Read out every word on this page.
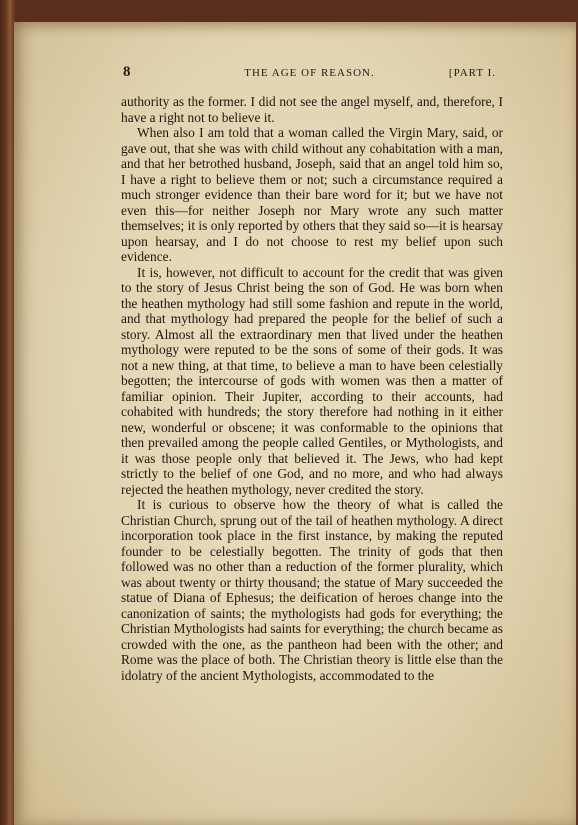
8	THE AGE OF REASON.	[PART I.

authority as the former. I did not see the angel myself, and, therefore, I have a right not to believe it.

When also I am told that a woman called the Virgin Mary, said, or gave out, that she was with child without any cohabitation with a man, and that her betrothed husband, Joseph, said that an angel told him so, I have a right to believe them or not; such a circumstance required a much stronger evidence than their bare word for it; but we have not even this—for neither Joseph nor Mary wrote any such matter themselves; it is only reported by others that they said so—it is hearsay upon hearsay, and I do not choose to rest my belief upon such evidence.

It is, however, not difficult to account for the credit that was given to the story of Jesus Christ being the son of God. He was born when the heathen mythology had still some fashion and repute in the world, and that mythology had prepared the people for the belief of such a story. Almost all the extraordinary men that lived under the heathen mythology were reputed to be the sons of some of their gods. It was not a new thing, at that time, to believe a man to have been celestially begotten; the intercourse of gods with women was then a matter of familiar opinion. Their Jupiter, according to their accounts, had cohabited with hundreds; the story therefore had nothing in it either new, wonderful or obscene; it was conformable to the opinions that then prevailed among the people called Gentiles, or Mythologists, and it was those people only that believed it. The Jews, who had kept strictly to the belief of one God, and no more, and who had always rejected the heathen mythology, never credited the story.

It is curious to observe how the theory of what is called the Christian Church, sprung out of the tail of heathen mythology. A direct incorporation took place in the first instance, by making the reputed founder to be celestially begotten. The trinity of gods that then followed was no other than a reduction of the former plurality, which was about twenty or thirty thousand; the statue of Mary succeeded the statue of Diana of Ephesus; the deification of heroes change into the canonization of saints; the mythologists had gods for everything; the Christian Mythologists had saints for everything; the church became as crowded with the one, as the pantheon had been with the other; and Rome was the place of both. The Christian theory is little else than the idolatry of the ancient Mythologists, accommodated to the
